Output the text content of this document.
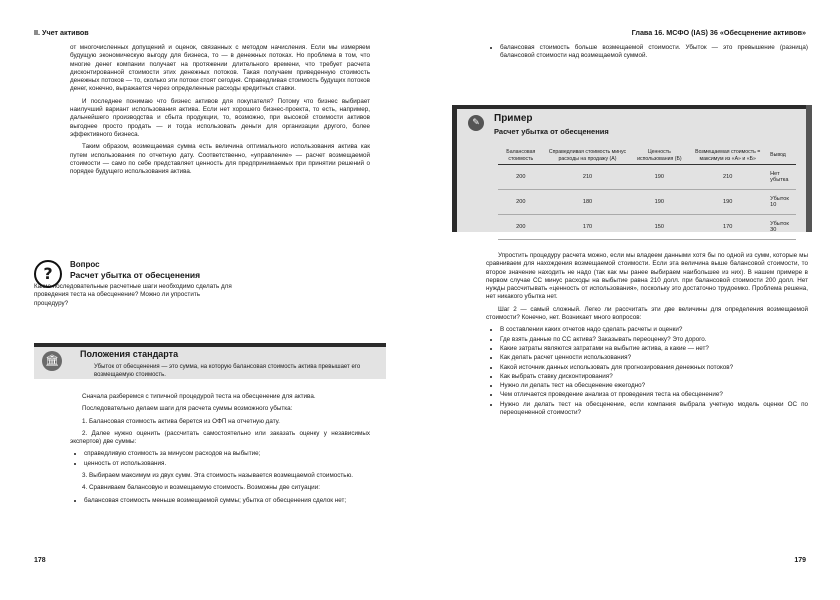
II. Учет активов

от многочисленных допущений и оценок, связанных с методом начисления. Если мы измеряем будущую экономическую выгоду для бизнеса, то — в денежных потоках. Но проблема в том, что многие денег компании получает на протяжении длительного времени, что требует расчета дисконтированной стоимости этих денежных потоков. Такая получаем приведенную стоимость денежных потоков — то, сколько эти потоки стоят сегодня. Справедливая стоимость будущих потоков денег, конечно, выражается через определенные расходы кредитных ставки.

И последнее понимаю что бизнес активов для покупателя? Потому что бизнес выбирает наилучший вариант использования актива. Если нет хорошего бизнес-проекта, то есть, например, дальнейшего производства и сбыта продукции, то, возможно, при высокой стоимости активов выгоднее просто продать — и тогда использовать деньги для организации другого, более эффективного бизнеса.

Таким образом, возмещаемая сумма есть величина оптимального использования актива как путем использования по отчетную дату. Соответственно, «управление» — расчет возмещаемой стоимости — само по себе представляет ценность для предпринимаемых при принятии решений о порядке будущего использования актива.

?	Вопрос
Расчет убытка от обесценения
Какие последовательные расчетные шаги необходимо сделать для проведения теста на обесценение? Можно ли упростить процедуру?
🏛	Положения стандарта
Убыток от обесценения — это сумма, на которую балансовая стоимость актива превышает его возмещаемую стоимость.

Сначала разберемся с типичной процедурой теста на обесценение для актива.

Последовательно делаем шаги для расчета суммы возможного убытка:

1. Балансовая стоимость актива берется из ОФП на отчетную дату.

2. Далее нужно оценить (рассчитать самостоятельно или заказать оценку у независимых экспертов) две суммы:

• справедливую стоимость за минусом расходов на выбытие;
• ценность от использования.

3. Выбираем максимум из двух сумм. Эта стоимость называется возмещаемой стоимостью.

4. Сравниваем балансовую и возмещаемую стоимость. Возможны две ситуации:

• балансовая стоимость меньше возмещаемой суммы; убытка от обесценения сделок нет;
178
Глава 16. МСФО (IAS) 36 «Обесценение активов»
• балансовая стоимость больше возмещаемой стоимости. Убыток — это превышение (разница) балансовой стоимости над возмещаемой суммой.

Упростить процедуру расчета можно, если мы владеем данными хотя бы по одной из сумм, которые мы сравниваем для нахождения возмещаемой стоимости. Если эта величина выше балансовой стоимости, то второе значение находить не надо (так как мы ранее выбираем наибольшее из них). В нашем примере в первом случае СС минус расходы на выбытие равна 210 долл. при балансовой стоимости 200 долл. Нет нужды рассчитывать «ценность от использования», поскольку это достаточно трудоемко. Проблема решена, нет никакого убытка нет.

Шаг 2 — самый сложный. Легко ли рассчитать эти две величины для определения возмещаемой стоимости? Конечно, нет. Возникает много вопросов:

• В составлении каких отчетов надо сделать расчеты и оценки?
• Где взять данные по СС актива? Заказывать переоценку? Это дорого.
• Какие затраты являются затратами на выбытие актива, а какие — нет?
• Как делать расчет ценности использования?
• Какой источник данных использовать для прогнозирования денежных потоков?
• Как выбрать ставку дисконтирования?
• Нужно ли делать тест на обесценение ежегодно?
• Чем отличается проведение анализа от проведения теста на обесценение?
• Нужно ли делать тест на обесценение, если компания выбрала учетную модель оценки ОС по переоцененной стоимости?
179
✎	Пример
Расчет убытка от обесценения
Балансовая стоимость	Справедливая стоимость минус расходы на продажу (А)	Ценность использования (Б)	Возмещаемая стоимость = максимум из «А» и «Б»	Вывод
200	210	190	210	Нет убытка
200	180	190	190	Убыток 10
200	170	150	170	Убыток 30
